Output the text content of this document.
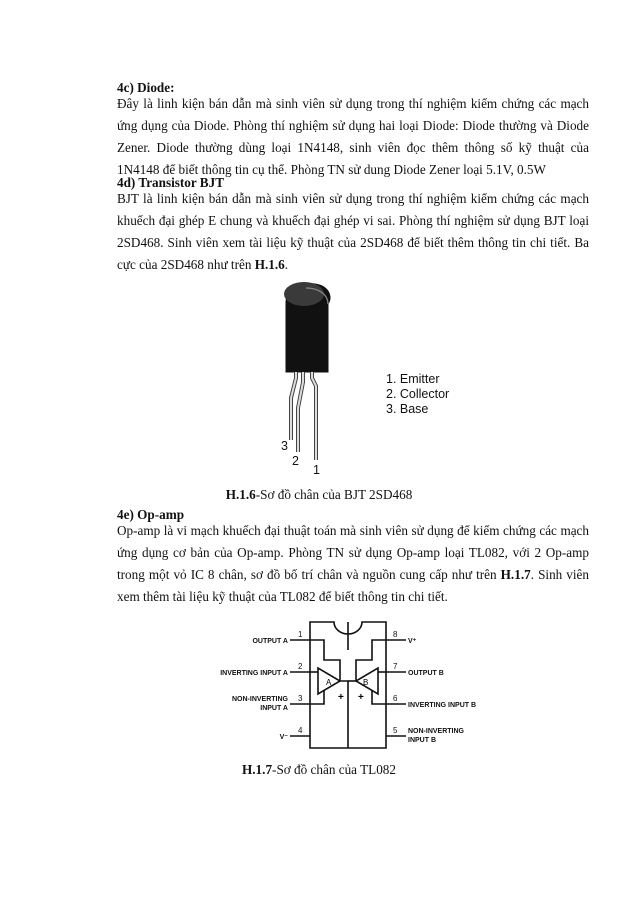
4c) Diode:
Đây là linh kiện bán dẫn mà sinh viên sử dụng trong thí nghiệm kiểm chứng các mạch ứng dụng của Diode. Phòng thí nghiệm sử dụng hai loại Diode: Diode thường và Diode Zener. Diode thường dùng loại 1N4148, sinh viên đọc thêm thông số kỹ thuật của 1N4148 để biết thông tin cụ thể. Phòng TN sử dung Diode Zener loại 5.1V, 0.5W
4d) Transistor BJT
BJT là linh kiện bán dẫn mà sinh viên sử dụng trong thí nghiệm kiểm chứng các mạch khuếch đại ghép E chung và khuếch đại ghép vi sai. Phòng thí nghiệm sử dụng BJT loại 2SD468. Sinh viên xem tài liệu kỹ thuật của 2SD468 để biết thêm thông tin chi tiết. Ba cực của 2SD468 như trên H.1.6.
3
2
1
1. Emitter
2. Collector
3. Base
H.1.6-Sơ đồ chân của BJT 2SD468
4e) Op-amp
Op-amp là vi mạch khuếch đại thuật toán mà sinh viên sử dụng để kiểm chứng các mạch ứng dụng cơ bản của Op-amp. Phòng TN sử dụng Op-amp loại TL082, với 2 Op-amp trong một vỏ IC 8 chân, sơ đồ bố trí chân và nguồn cung cấp như trên H.1.7. Sinh viên xem thêm tài liệu kỹ thuật của TL082 để biết thông tin chi tiết.
A	B
+ +
1
2
3
4
8
7
6
5
OUTPUT A
INVERTING INPUT A
NON-INVERTING
INPUT A
V⁻
V⁺
OUTPUT B
INVERTING INPUT B
NON-INVERTING
INPUT B
H.1.7-Sơ đồ chân của TL082
